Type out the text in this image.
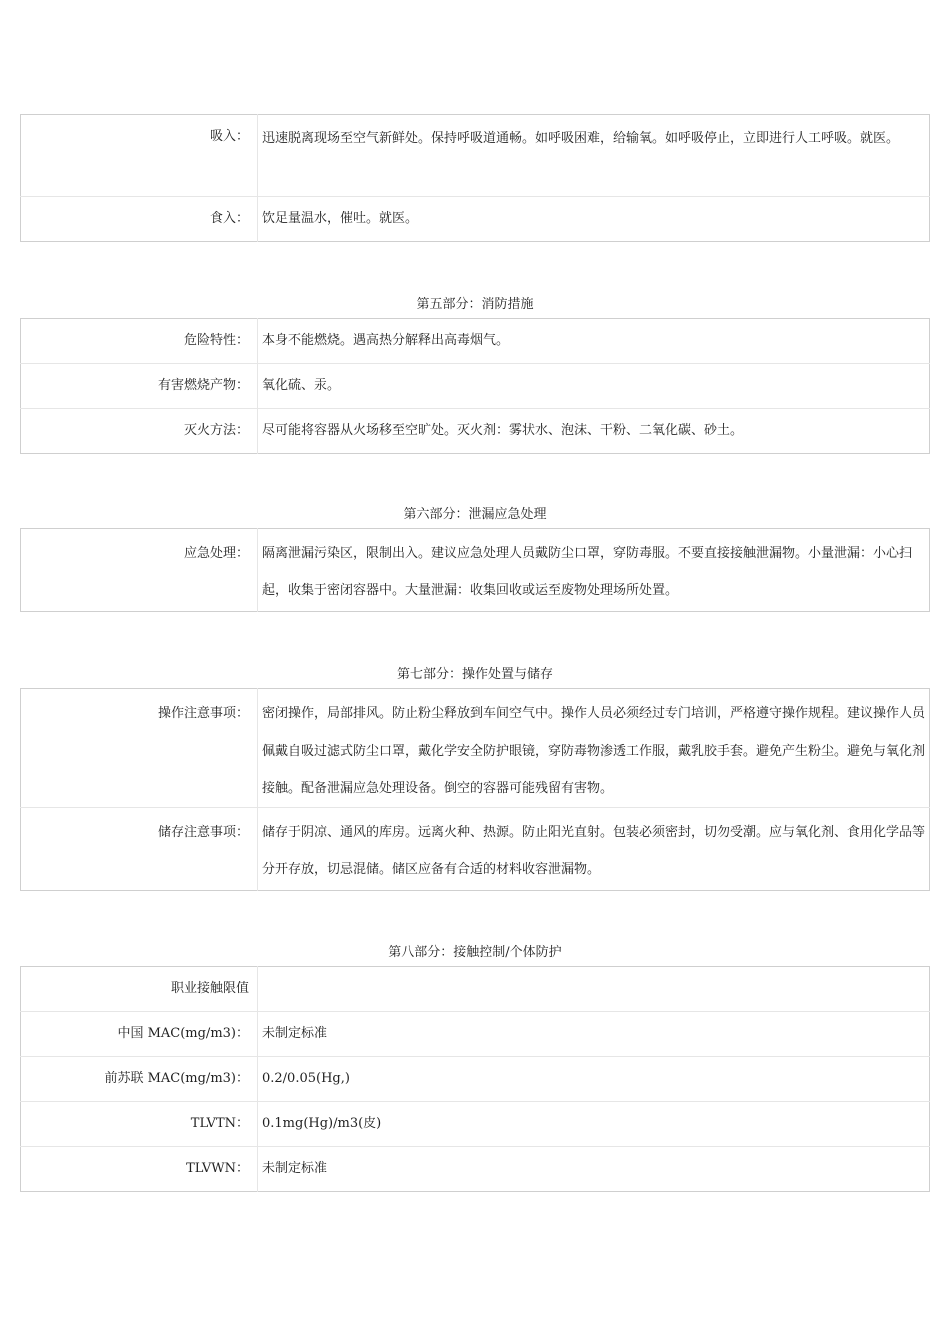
吸入：	迅速脱离现场至空气新鲜处。保持呼吸道通畅。如呼吸困难，给输氧。如呼吸停止，立即进行人工呼吸。就医。

食入：	饮足量温水，催吐。就医。
第五部分：消防措施
危险特性：	本身不能燃烧。遇高热分解释出高毒烟气。

有害燃烧产物：	氧化硫、汞。

灭火方法：	尽可能将容器从火场移至空旷处。灭火剂：雾状水、泡沫、干粉、二氧化碳、砂土。
第六部分：泄漏应急处理
应急处理：	隔离泄漏污染区，限制出入。建议应急处理人员戴防尘口罩，穿防毒服。不要直接接触泄漏物。小量泄漏：小心扫起，收集于密闭容器中。大量泄漏：收集回收或运至废物处理场所处置。
第七部分：操作处置与储存
操作注意事项：	密闭操作，局部排风。防止粉尘释放到车间空气中。操作人员必须经过专门培训，严格遵守操作规程。建议操作人员佩戴自吸过滤式防尘口罩，戴化学安全防护眼镜，穿防毒物渗透工作服，戴乳胶手套。避免产生粉尘。避免与氧化剂接触。配备泄漏应急处理设备。倒空的容器可能残留有害物。

储存注意事项：	储存于阴凉、通风的库房。远离火种、热源。防止阳光直射。包装必须密封，切勿受潮。应与氧化剂、食用化学品等分开存放，切忌混储。储区应备有合适的材料收容泄漏物。
第八部分：接触控制/个体防护
职业接触限值	

中国 MAC(mg/m3)：	未制定标准

前苏联 MAC(mg/m3)：	0.2/0.05(Hg,)

TLVTN：	0.1mg(Hg)/m3(皮)

TLVWN：	未制定标准
